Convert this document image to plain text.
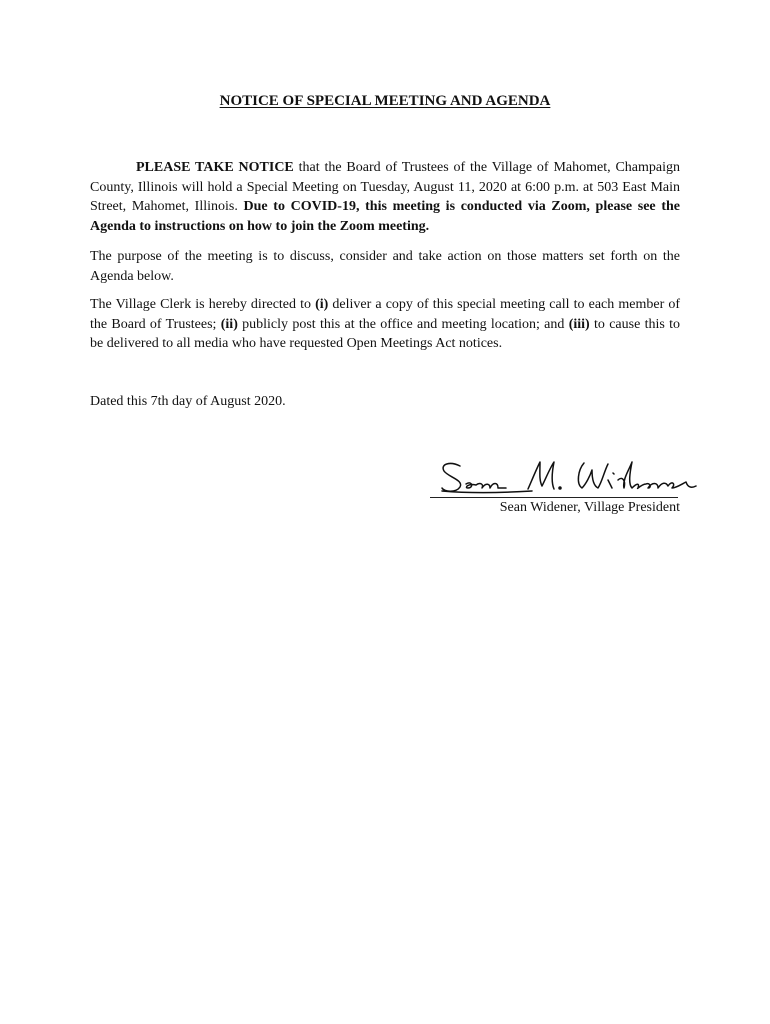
NOTICE OF SPECIAL MEETING AND AGENDA
PLEASE TAKE NOTICE that the Board of Trustees of the Village of Mahomet, Champaign County, Illinois will hold a Special Meeting on Tuesday, August 11, 2020 at 6:00 p.m. at 503 East Main Street, Mahomet, Illinois. Due to COVID-19, this meeting is conducted via Zoom, please see the Agenda to instructions on how to join the Zoom meeting.
The purpose of the meeting is to discuss, consider and take action on those matters set forth on the Agenda below.
The Village Clerk is hereby directed to (i) deliver a copy of this special meeting call to each member of the Board of Trustees; (ii) publicly post this at the office and meeting location; and (iii) to cause this to be delivered to all media who have requested Open Meetings Act notices.
Dated this 7th day of August 2020.
Sean Widener, Village President
